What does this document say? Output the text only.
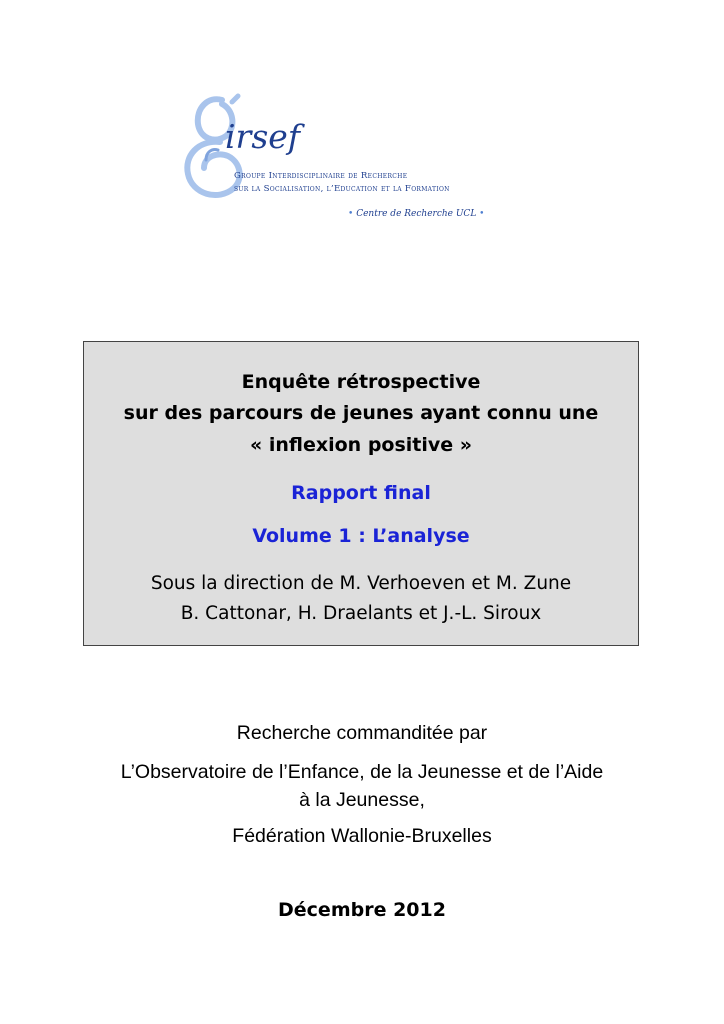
irsef
Groupe Interdisciplinaire de Recherche
sur la Socialisation, l’Education et la Formation
• Centre de Recherche UCL •
Enquête rétrospective
sur des parcours de jeunes ayant connu une
« inflexion positive »
Rapport final
Volume 1 : L’analyse
Sous la direction de M. Verhoeven et M. Zune
B. Cattonar, H. Draelants et J.-L. Siroux
Recherche commanditée par
L’Observatoire de l’Enfance, de la Jeunesse et de l’Aide
à la Jeunesse,
Fédération Wallonie-Bruxelles
Décembre 2012
